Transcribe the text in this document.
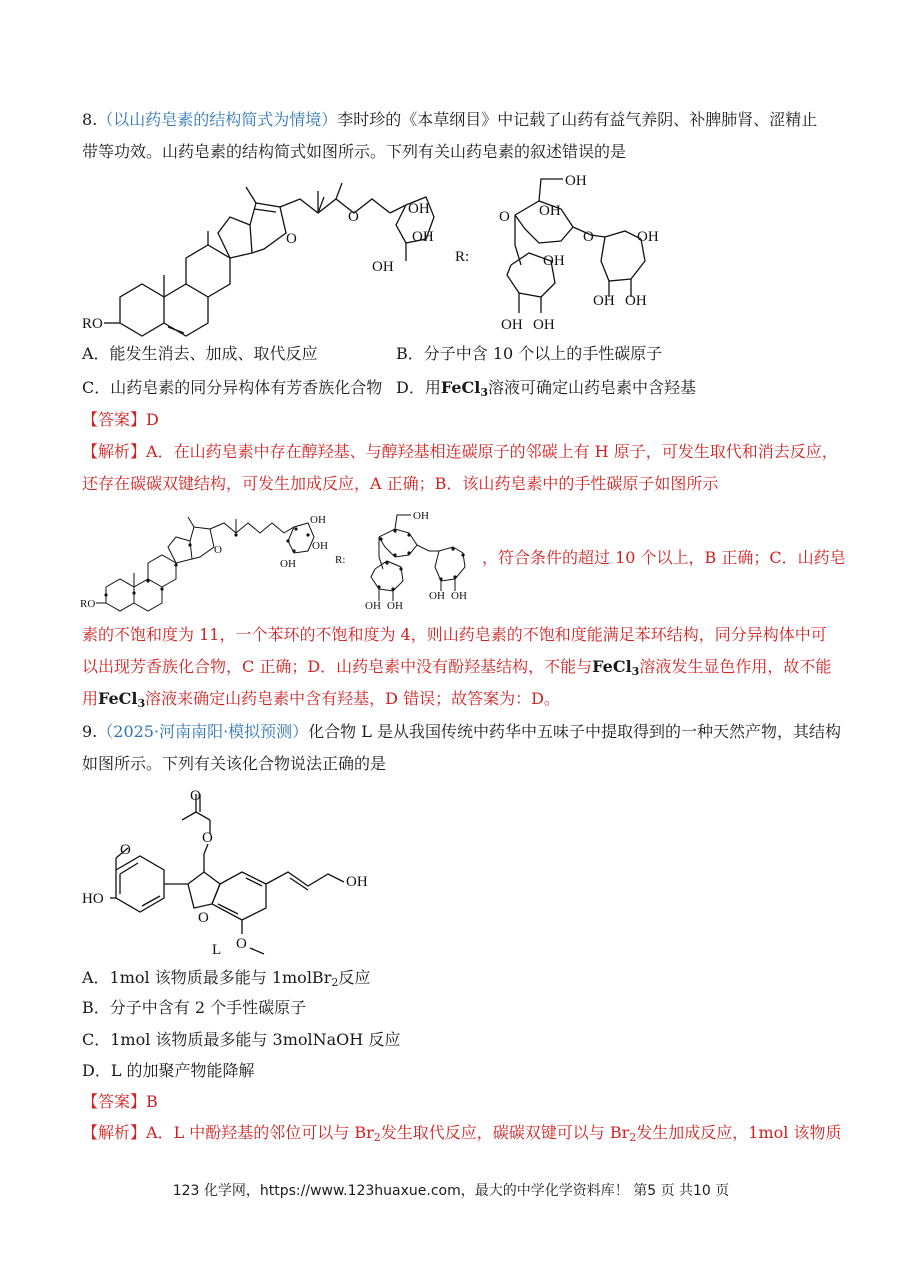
8.（以山药皂素的结构简式为情境）李时珍的《本草纲目》中记载了山药有益气养阴、补脾肺肾、涩精止
带等功效。山药皂素的结构简式如图所示。下列有关山药皂素的叙述错误的是
O
O
RO
OH
OH
OH
R:
OH
O OH
O
OH
OH OH
OH
OH OH
A．能发生消去、加成、取代反应	B．分子中含 10 个以上的手性碳原子
C．山药皂素的同分异构体有芳香族化合物 D．用FeCl$_3$溶液可确定山药皂素中含羟基
【答案】D
【解析】A．在山药皂素中存在醇羟基、与醇羟基相连碳原子的邻碳上有 H 原子，可发生取代和消去反应，
还存在碳碳双键结构，可发生加成反应，A 正确；B．该山药皂素中的手性碳原子如图所示
RO
O
OH
OH
OH	R:
OH
OH OH
OH OH
，符合条件的超过 10 个以上，B 正确；C．山药皂
素的不饱和度为 11，一个苯环的不饱和度为 4，则山药皂素的不饱和度能满足苯环结构，同分异构体中可
以出现芳香族化合物，C 正确；D．山药皂素中没有酚羟基结构，不能与FeCl$_3$溶液发生显色作用，故不能
用FeCl$_3$溶液来确定山药皂素中含有羟基，D 错误；故答案为：D。
9.（2025·河南南阳·模拟预测）化合物 L 是从我国传统中药华中五味子中提取得到的一种天然产物，其结构
如图所示。下列有关该化合物说法正确的是
O
O
O
HO
O
O
OH
L
A．1mol 该物质最多能与 1molBr$_2$反应
B．分子中含有 2 个手性碳原子
C．1mol 该物质最多能与 3molNaOH 反应
D．L 的加聚产物能降解
【答案】B
【解析】A．L 中酚羟基的邻位可以与 $Br_2$发生取代反应，碳碳双键可以与 $Br_2$发生加成反应，1mol 该物质
123 化学网，https://www.123huaxue.com，最大的中学化学资料库！ 第5 页 共10 页
